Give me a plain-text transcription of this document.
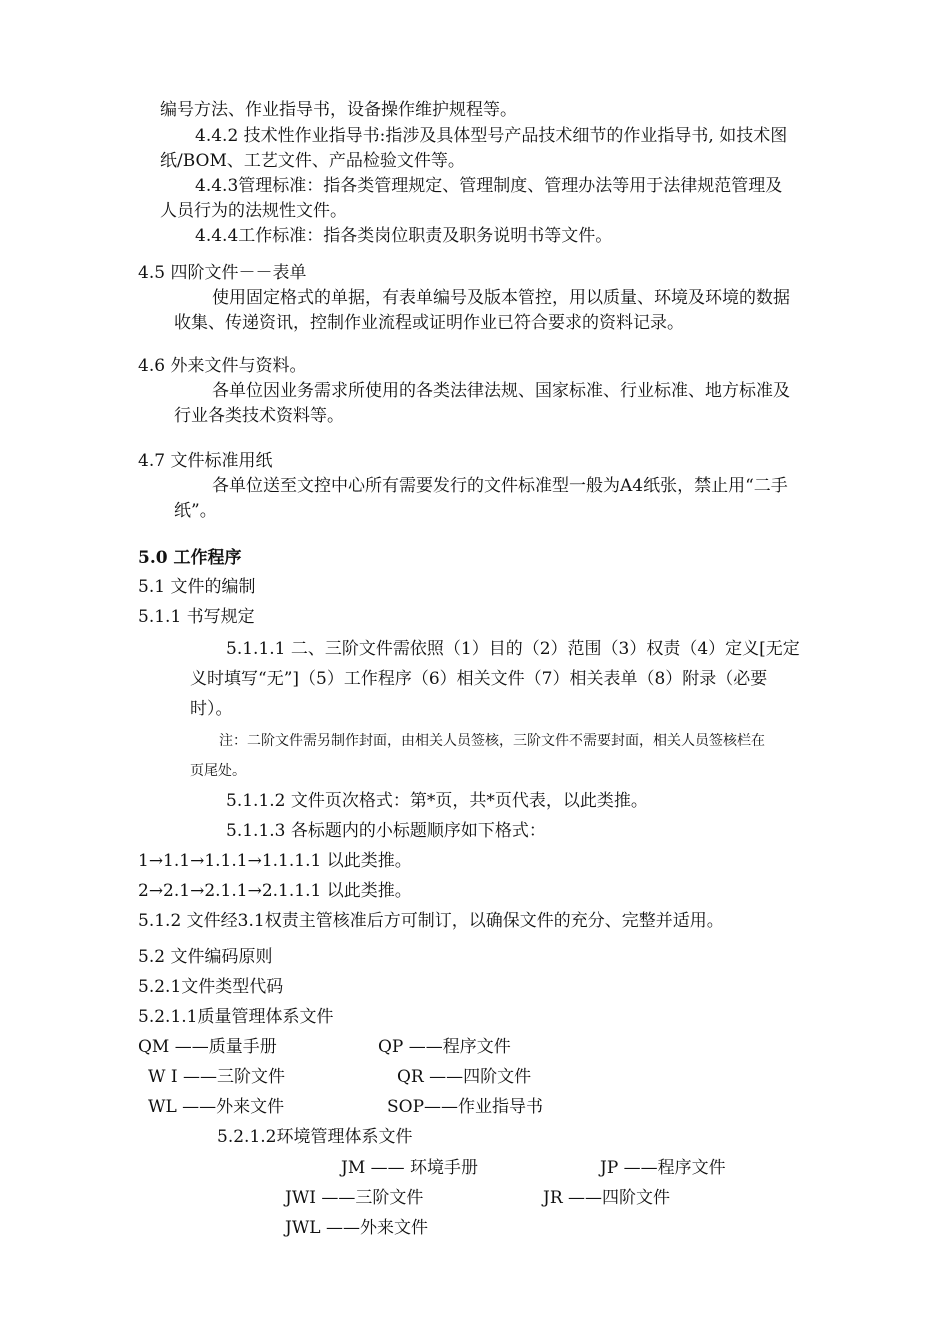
编号方法、作业指导书，设备操作维护规程等。
4.4.2 技术性作业指导书:指涉及具体型号产品技术细节的作业指导书, 如技术图
纸/BOM、工艺文件、产品检验文件等。
4.4.3管理标准：指各类管理规定、管理制度、管理办法等用于法律规范管理及
人员行为的法规性文件。
4.4.4工作标准：指各类岗位职责及职务说明书等文件。
4.5 四阶文件－－表单
使用固定格式的单据，有表单编号及版本管控，用以质量、环境及环境的数据
收集、传递资讯，控制作业流程或证明作业已符合要求的资料记录。
4.6 外来文件与资料。
各单位因业务需求所使用的各类法律法规、国家标准、行业标准、地方标准及
行业各类技术资料等。
4.7 文件标准用纸
各单位送至文控中心所有需要发行的文件标准型一般为A4纸张，禁止用“二手
纸”。
5.0 工作程序
5.1 文件的编制
5.1.1 书写规定
5.1.1.1 二、三阶文件需依照（1）目的（2）范围（3）权责（4）定义[无定
义时填写“无”]（5）工作程序（6）相关文件（7）相关表单（8）附录（必要
时）。
注：二阶文件需另制作封面，由相关人员签核，三阶文件不需要封面，相关人员签核栏在
页尾处。
5.1.1.2 文件页次格式：第*页，共*页代表，以此类推。
5.1.1.3 各标题内的小标题顺序如下格式：
1→1.1→1.1.1→1.1.1.1 以此类推。
2→2.1→2.1.1→2.1.1.1 以此类推。
5.1.2 文件经3.1权责主管核准后方可制订，以确保文件的充分、完整并适用。
5.2 文件编码原则
5.2.1文件类型代码
5.2.1.1质量管理体系文件
QM ——质量手册	QP ——程序文件
W I ——三阶文件	QR ——四阶文件
WL ——外来文件	SOP——作业指导书
5.2.1.2环境管理体系文件
JM —— 环境手册	JP ——程序文件
JWI ——三阶文件	JR ——四阶文件
JWL ——外来文件
